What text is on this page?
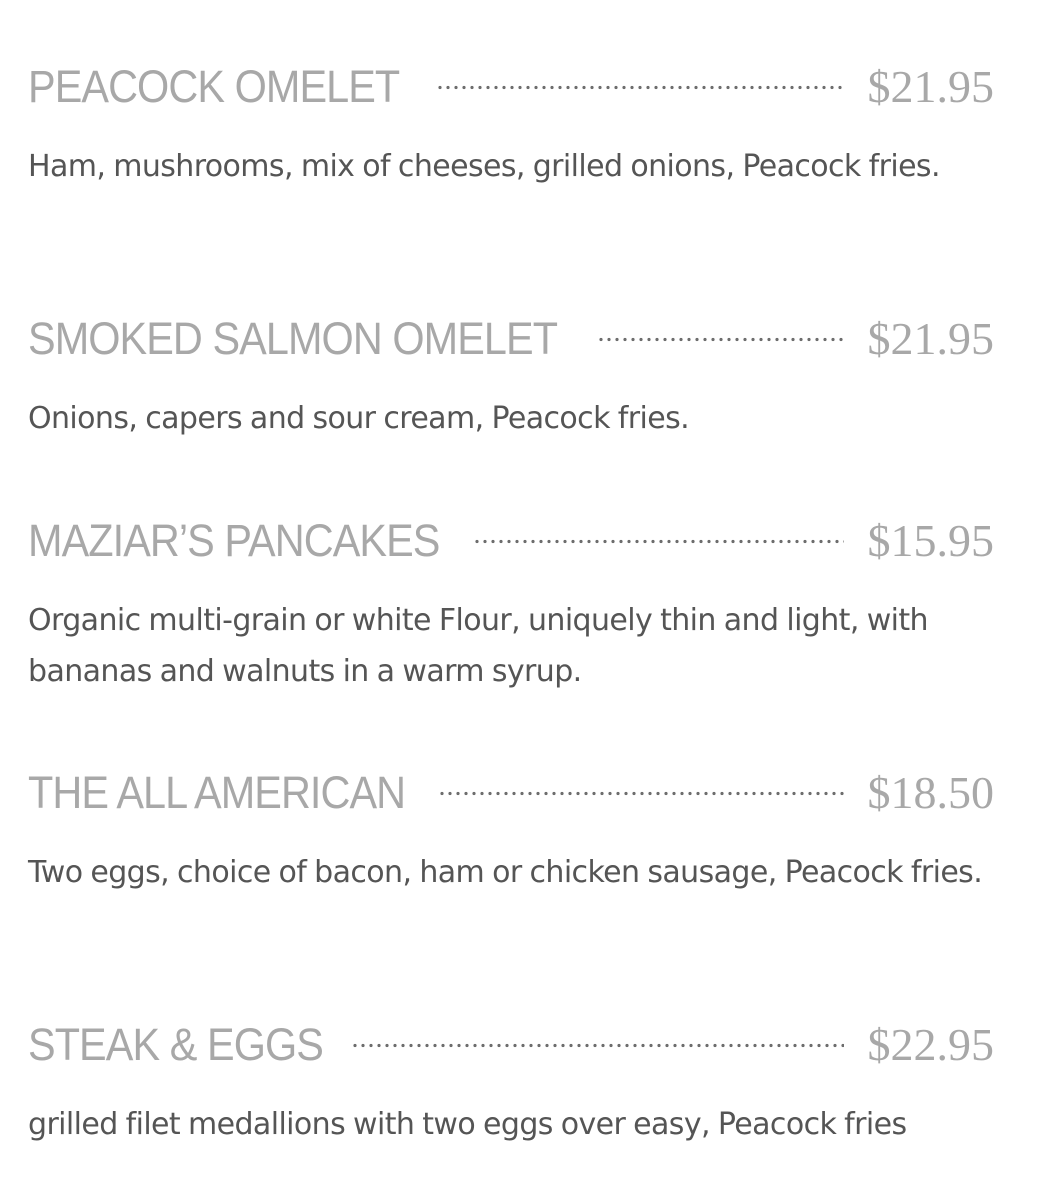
PEACOCK OMELET	$21.95
Ham, mushrooms, mix of cheeses, grilled onions, Peacock fries.
SMOKED SALMON OMELET	$21.95
Onions, capers and sour cream, Peacock fries.
MAZIAR’S PANCAKES	$15.95
Organic multi-grain or white Flour, uniquely thin and light, with bananas and walnuts in a warm syrup.
THE ALL AMERICAN	$18.50
Two eggs, choice of bacon, ham or chicken sausage, Peacock fries.
STEAK & EGGS	$22.95
grilled filet medallions with two eggs over easy, Peacock fries
